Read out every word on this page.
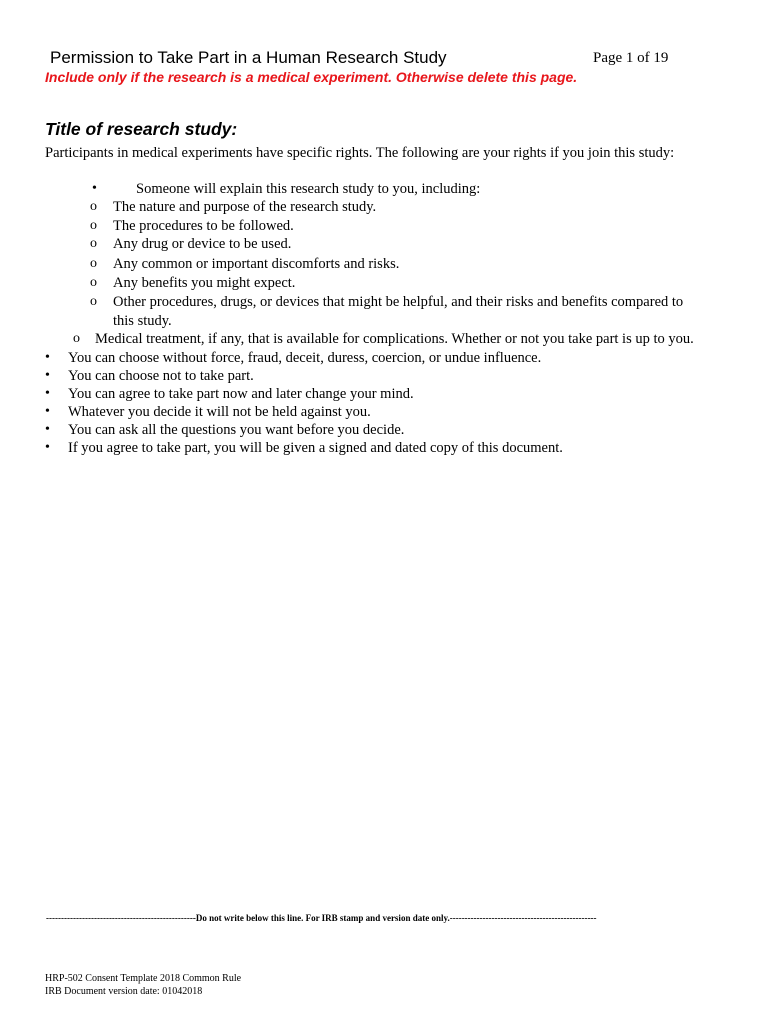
Permission to Take Part in a Human Research Study	Page 1 of 19
Include only if the research is a medical experiment. Otherwise delete this page.
Title of research study:
Participants in medical experiments have specific rights. The following are your rights if you join this study:
•	Someone will explain this research study to you, including:
o The nature and purpose of the research study.
o The procedures to be followed.
o Any drug or device to be used.
o Any common or important discomforts and risks.
o Any benefits you might expect.
o Other procedures, drugs, or devices that might be helpful, and their risks and benefits compared to
this study.
o Medical treatment, if any, that is available for complications. Whether or not you take part is up to you.
• You can choose without force, fraud, deceit, duress, coercion, or undue influence.
• You can choose not to take part.
• You can agree to take part now and later change your mind.
• Whatever you decide it will not be held against you.
• You can ask all the questions you want before you decide.
• If you agree to take part, you will be given a signed and dated copy of this document.
--------------------------------------------------Do not write below this line. For IRB stamp and version date only.-------------------------------------------------
HRP-502 Consent Template 2018 Common Rule
IRB Document version date: 01042018
